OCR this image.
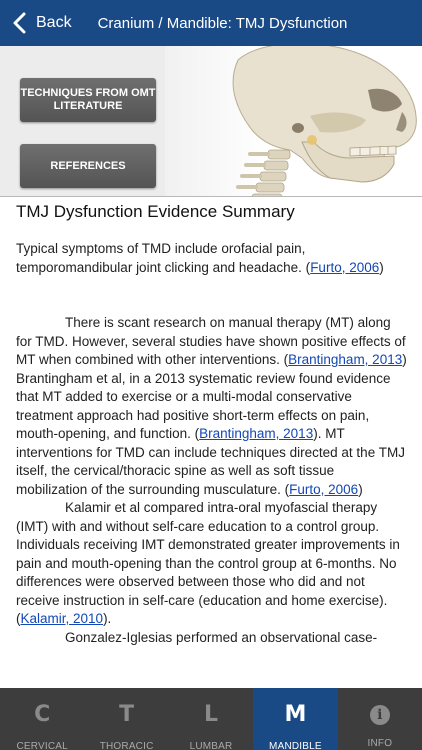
Back Cranium / Mandible: TMJ Dysfunction
TECHNIQUES FROM OMT LITERATURE
REFERENCES
TMJ Dysfunction Evidence Summary

Typical symptoms of TMD include orofacial pain, temporomandibular joint clicking and headache. (Furto, 2006)

There is scant research on manual therapy (MT) along for TMD. However, several studies have shown positive effects of MT when combined with other interventions. (Brantingham, 2013) Brantingham et al, in a 2013 systematic review found evidence that MT added to exercise or a multi-modal conservative treatment approach had positive short-term effects on pain, mouth-opening, and function. (Brantingham, 2013). MT interventions for TMD can include techniques directed at the TMJ itself, the cervical/thoracic spine as well as soft tissue mobilization of the surrounding musculature. (Furto, 2006)

Kalamir et al compared intra-oral myofascial therapy (IMT) with and without self-care education to a control group. Individuals receiving IMT demonstrated greater improvements in pain and mouth-opening than the control group at 6-months. No differences were observed between those who did and not receive instruction in self-care (education and home exercise). (Kalamir, 2010).

Gonzalez-Iglesias performed an observational case-

C
CERVICAL
T
THORACIC
L
LUMBAR
M
MANDIBLE
i
INFO
